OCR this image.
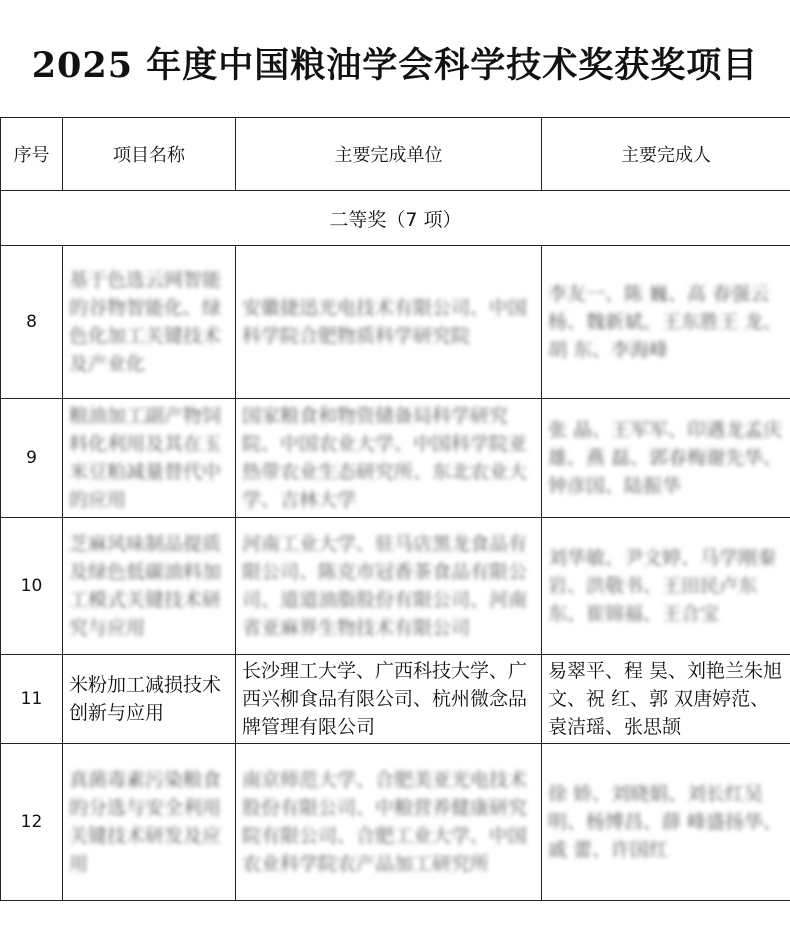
2025 年度中国粮油学会科学技术奖获奖项目
序号	项目名称	主要完成单位	主要完成人
二等奖（7 项）			
8	基于色选云网智能的谷物智能化、绿色化加工关键技术及产业化	安徽捷迅光电技术有限公司、中国科学院合肥物质科学研究院	李友一、陈 巍、高 春强云杨、魏新斌、王东胜王 龙、胡 东、李海峰
9	粮油加工副产物饲料化利用及其在玉米豆粕减量替代中的应用	国家粮食和物资储备局科学研究院、中国农业大学、中国科学院亚热带农业生态研究所、东北农业大学、吉林大学	张 晶、王军军、印遇龙孟庆雄、燕 磊、郭春梅谢先华、钟彦国、陆振华
10	芝麻风味制品提质及绿色低碳油料加工模式关键技术研究与应用	河南工业大学、驻马店黑龙食品有限公司、陈克市冠香茶食品有限公司、道道油脂股份有限公司、河南省亚麻界生物技术有限公司	刘华敏、尹文婷、马学刚秦 岩、洪敬书、王田民卢东东、崔锦福、王合宝
11	米粉加工减损技术创新与应用	长沙理工大学、广西科技大学、广西兴柳食品有限公司、杭州微念品牌管理有限公司	易翠平、程 昊、刘艳兰朱旭文、祝 红、郭 双唐婷范、袁洁瑶、张思颉
12	真菌毒素污染粮食的分选与安全利用关键技术研发及应用	南京师范大学、合肥美亚光电技术股份有限公司、中粮营养健康研究院有限公司、合肥工业大学、中国农业科学院农产品加工研究所	徐 娇、刘晓娟、刘长红吴 明、杨博昌、薛 峰盛扬华、戚 蕾、许国红
